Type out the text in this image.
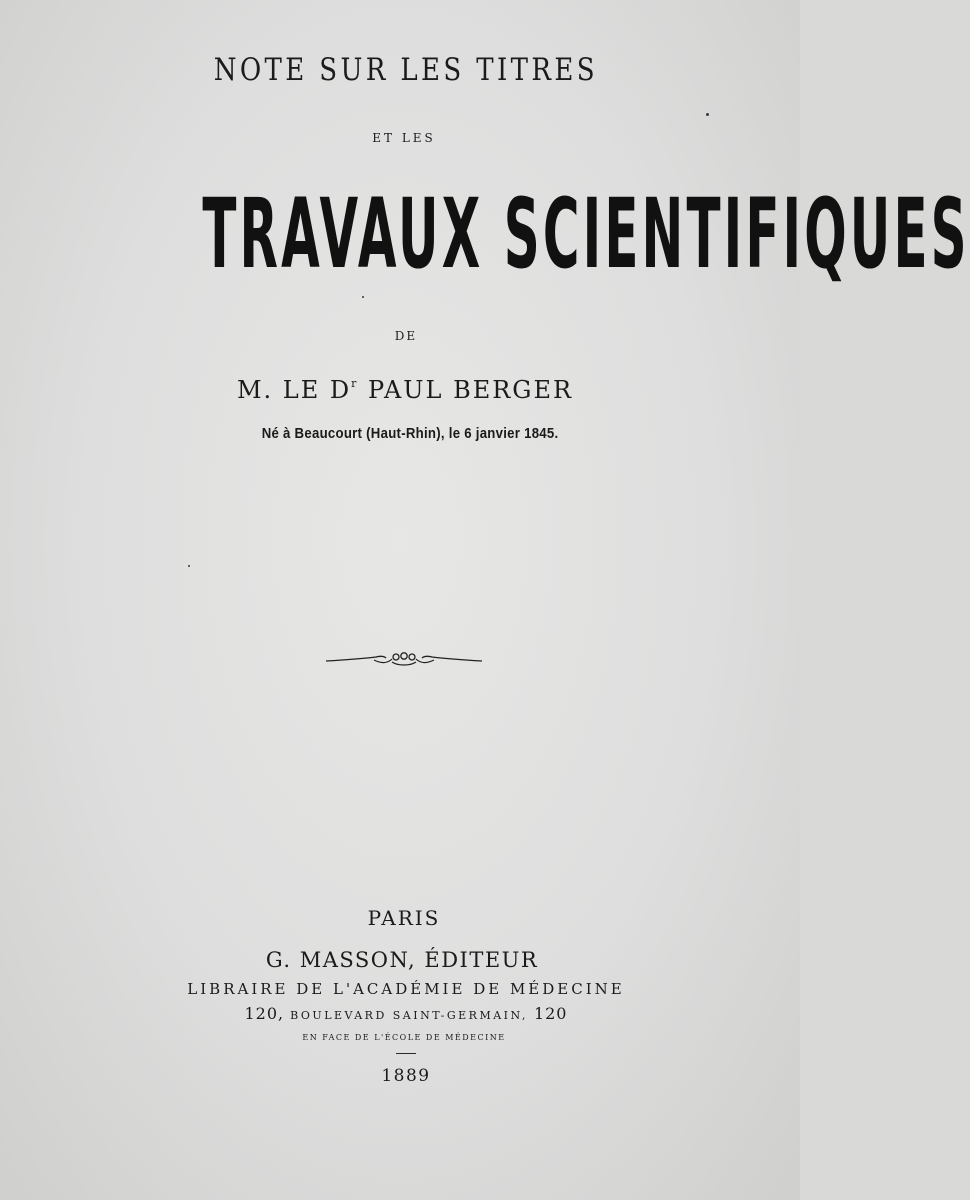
NOTE SUR LES TITRES
ET LES
TRAVAUX SCIENTIFIQUES
DE
M. LE $D^r$ PAUL BERGER
Né à Beaucourt (Haut-Rhin), le 6 janvier 1845.
PARIS
G. MASSON, ÉDITEUR
LIBRAIRE DE L'ACADÉMIE DE MÉDECINE
120, BOULEVARD SAINT-GERMAIN, 120
EN FACE DE L'ÉCOLE DE MÉDECINE
1889
